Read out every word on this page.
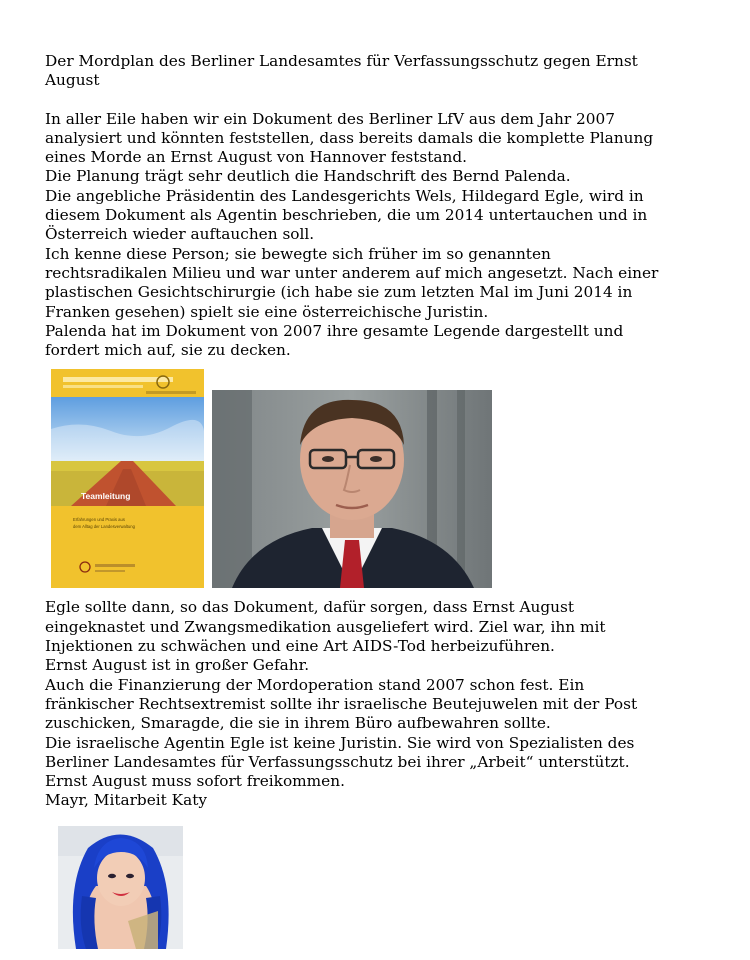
Der Mordplan des Berliner Landesamtes für Verfassungsschutz gegen Ernst
August
In aller Eile haben wir ein Dokument des Berliner LfV aus dem Jahr 2007
analysiert und könnten feststellen, dass bereits damals die komplette Planung
eines Morde an Ernst August von Hannover feststand.
Die Planung trägt sehr deutlich die Handschrift des Bernd Palenda.
Die angebliche Präsidentin des Landesgerichts Wels, Hildegard Egle, wird in
diesem Dokument als Agentin beschrieben, die um 2014 untertauchen und in
Österreich wieder auftauchen soll.
Ich kenne diese Person; sie bewegte sich früher im so genannten
rechtsradikalen Milieu und war unter anderem auf mich angesetzt. Nach einer
plastischen Gesichtschirurgie (ich habe sie zum letzten Mal im Juni 2014 in
Franken gesehen) spielt sie eine österreichische Juristin.
Palenda hat im Dokument von 2007 ihre gesamte Legende dargestellt und
fordert mich auf, sie zu decken.
Teamleitung
Erfahrungen und Praxis aus
dem Alltag der Landesverwaltung
Egle sollte dann, so das Dokument, dafür sorgen, dass Ernst August
eingeknastet und Zwangsmedikation ausgeliefert wird. Ziel war, ihn mit
Injektionen zu schwächen und eine Art AIDS-Tod herbeizuführen.
Ernst August ist in großer Gefahr.
Auch die Finanzierung der Mordoperation stand 2007 schon fest. Ein
fränkischer Rechtsextremist sollte ihr israelische Beutejuwelen mit der Post
zuschicken, Smaragde, die sie in ihrem Büro aufbewahren sollte.
Die israelische Agentin Egle ist keine Juristin. Sie wird von Spezialisten des
Berliner Landesamtes für Verfassungsschutz bei ihrer „Arbeit“ unterstützt.
Ernst August muss sofort freikommen.
Mayr, Mitarbeit Katy
